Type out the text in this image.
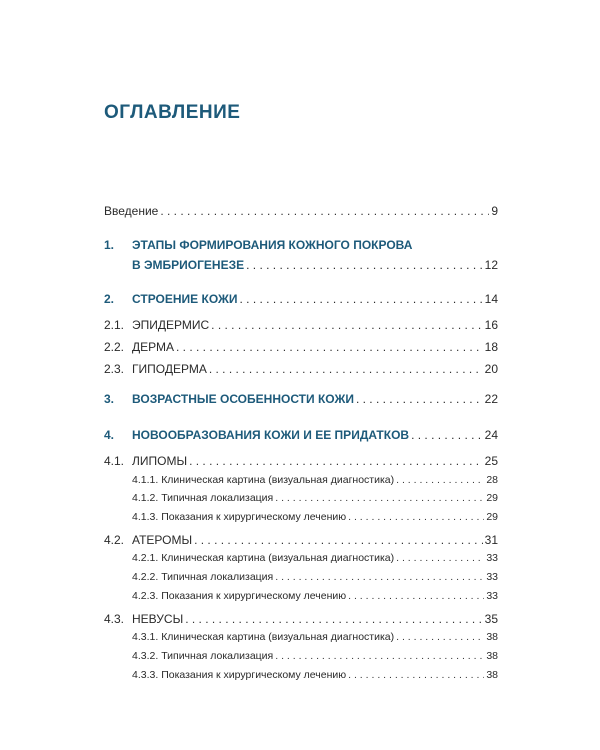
ОГЛАВЛЕНИЕ
Введение . . .	9
1.	ЭТАПЫ ФОРМИРОВАНИЯ КОЖНОГО ПОКРОВА
В ЭМБРИОГЕНЕЗЕ . . .	12
2.	СТРОЕНИЕ КОЖИ . . .	14
2.1. ЭПИДЕРМИС . . .	16
2.2. ДЕРМА . . .	18
2.3. ГИПОДЕРМА . . .	20
3.	ВОЗРАСТНЫЕ ОСОБЕННОСТИ КОЖИ . . .	22
4.	НОВООБРАЗОВАНИЯ КОЖИ И ЕЕ ПРИДАТКОВ . . .	24
4.1. ЛИПОМЫ . . .	25
4.1.1. Клиническая картина (визуальная диагностика) . . .	28
4.1.2. Типичная локализация . . .	29
4.1.3. Показания к хирургическому лечению . . .	29
4.2. АТЕРОМЫ . . .	31
4.2.1. Клиническая картина (визуальная диагностика) . . .	33
4.2.2. Типичная локализация . . .	33
4.2.3. Показания к хирургическому лечению . . .	33
4.3. НЕВУСЫ . . .	35
4.3.1. Клиническая картина (визуальная диагностика) . . .	38
4.3.2. Типичная локализация . . .	38
4.3.3. Показания к хирургическому лечению . . .	38
